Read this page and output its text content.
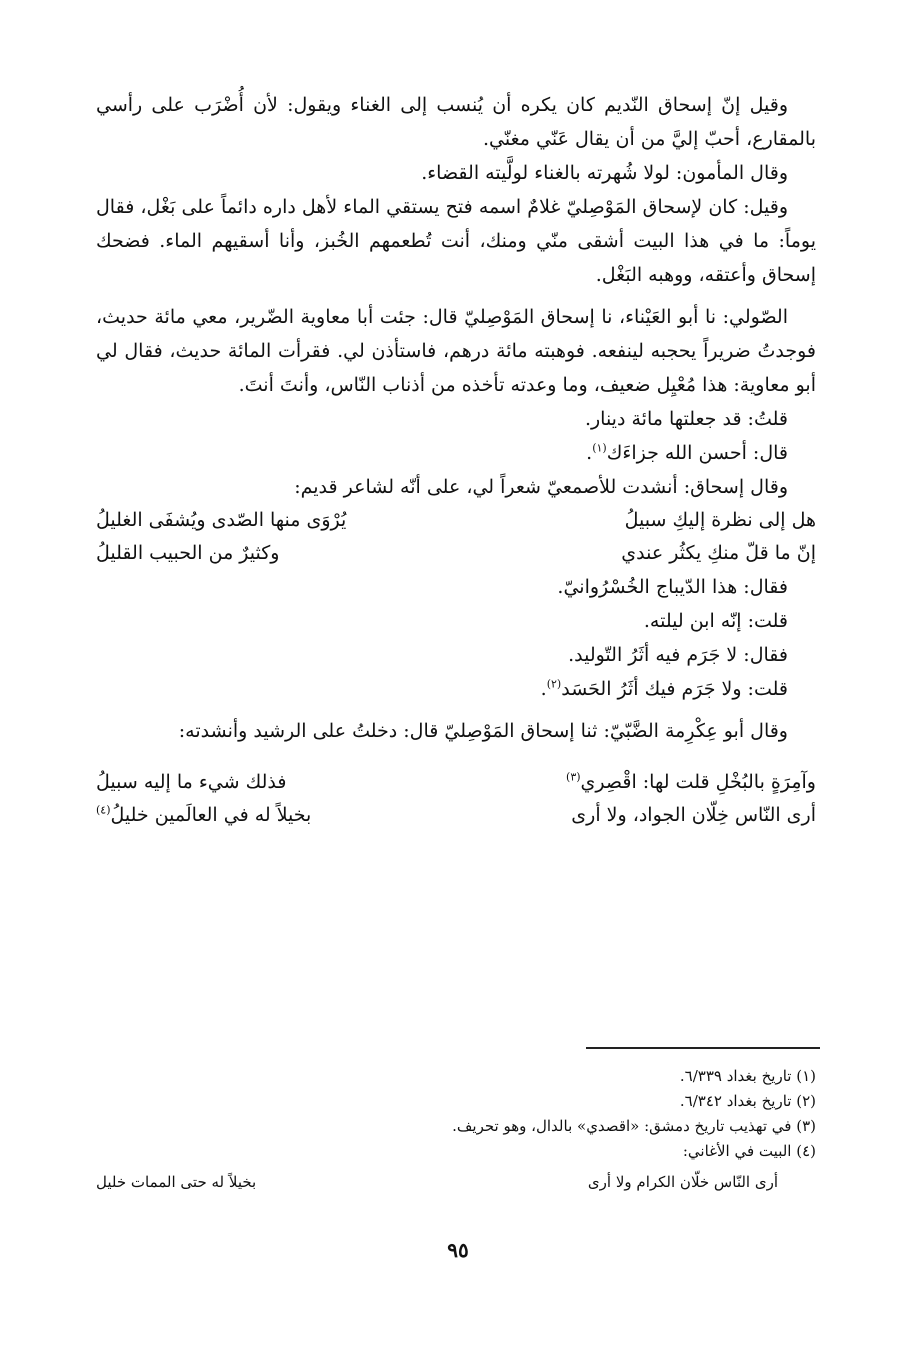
وقيل إنّ إسحاق النّديم كان يكره أن يُنسب إلى الغناء ويقول: لأن أُضْرَب على رأسي بالمقارع، أحبّ إليَّ من أن يقال عَنّي مغنّي.

وقال المأمون: لولا شُهرته بالغناء لولَّيته القضاء.

وقيل: كان لإسحاق المَوْصِليّ غلامٌ اسمه فتح يستقي الماء لأهل داره دائماً على بَغْل، فقال يوماً: ما في هذا البيت أشقى منّي ومنك، أنت تُطعمهم الخُبز، وأنا أسقيهم الماء. فضحك إسحاق وأعتقه، ووهبه البَغْل.

الصّولي: نا أبو العَيْناء، نا إسحاق المَوْصِليّ قال: جئت أبا معاوية الضّرير، معي مائة حديث، فوجدتُ ضريراً يحجبه لينفعه. فوهبته مائة درهم، فاستأذن لي. فقرأت المائة حديث، فقال لي أبو معاوية: هذا مُعْيِل ضعيف، وما وعدته تأخذه من أذناب النّاس، وأنتَ أنتَ.

قلتُ: قد جعلتها مائة دينار.

قال: أحسن الله جزاءَك$^{(١)}$.

وقال إسحاق: أنشدت للأصمعيّ شعراً لي، على أنّه لشاعر قديم:

هل إلى نظرة إليكِ سبيلُ
يُرْوَى منها الصّدى ويُشفَى الغليلُ
إنّ ما قلّ منكِ يكثُر عندي
وكثيرٌ من الحبيب القليلُ

فقال: هذا الدّيباج الخُسْرُوانيّ.

قلت: إنّه ابن ليلته.

فقال: لا جَرَم فيه أثَرُ التّوليد.

قلت: ولا جَرَم فيك أثَرُ الحَسَد$^{(٢)}$.

وقال أبو عِكْرِمة الضَّبّيّ: ثنا إسحاق المَوْصِليّ قال: دخلتُ على الرشيد وأنشدته:

وآمِرَةٍ بالبُخْلِ قلت لها: اقْصِري$^{(٣)}$
فذلك شيء ما إليه سبيلُ
أرى النّاس خِلّان الجواد، ولا أرى
بخيلاً له في العالَمين خليلُ$^{(٤)}$

(١) تاريخ بغداد ٦/٣٣٩.

(٢) تاريخ بغداد ٦/٣٤٢.

(٣) في تهذيب تاريخ دمشق: «اقصدي» بالدال، وهو تحريف.

(٤) البيت في الأغاني:

أرى النّاس خلّان الكرام ولا أرى
بخيلاً له حتى الممات خليل
٩٥
